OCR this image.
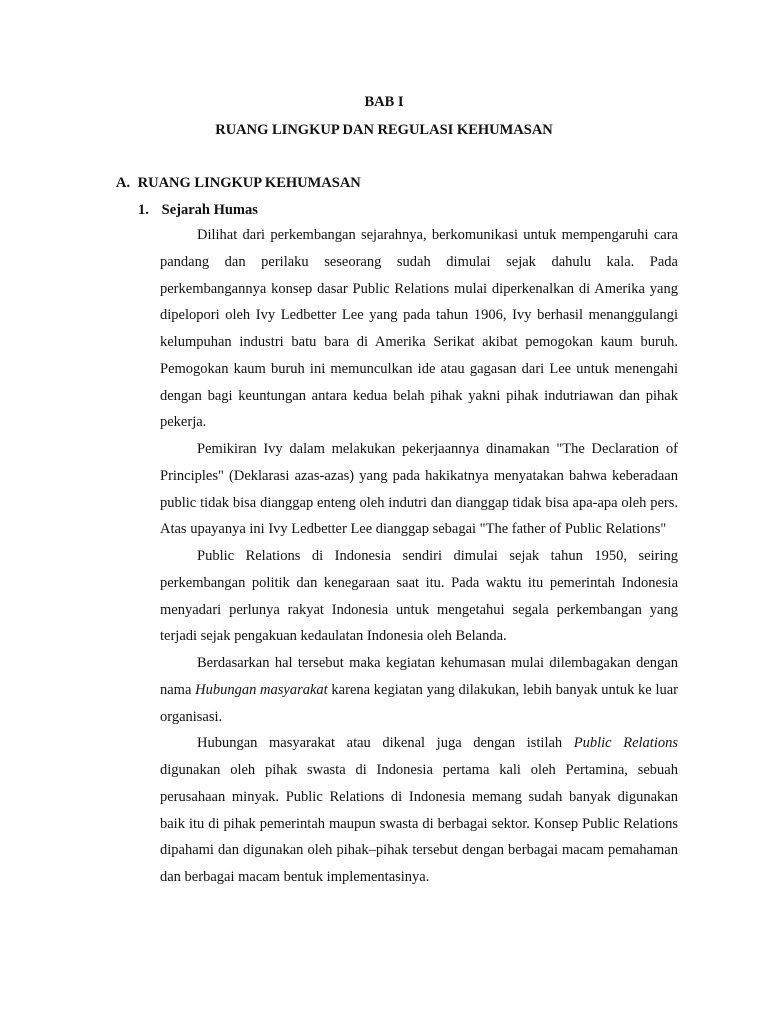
BAB I
RUANG LINGKUP DAN REGULASI KEHUMASAN
A. RUANG LINGKUP KEHUMASAN
1. Sejarah Humas

Dilihat dari perkembangan sejarahnya, berkomunikasi untuk mempengaruhi cara pandang dan perilaku seseorang sudah dimulai sejak dahulu kala. Pada perkembangannya konsep dasar Public Relations mulai diperkenalkan di Amerika yang dipelopori oleh Ivy Ledbetter Lee yang pada tahun 1906, Ivy berhasil menanggulangi kelumpuhan industri batu bara di Amerika Serikat akibat pemogokan kaum buruh. Pemogokan kaum buruh ini memunculkan ide atau gagasan dari Lee untuk menengahi dengan bagi keuntungan antara kedua belah pihak yakni pihak indutriawan dan pihak pekerja.

Pemikiran Ivy dalam melakukan pekerjaannya dinamakan "The Declaration of Principles" (Deklarasi azas-azas) yang pada hakikatnya menyatakan bahwa keberadaan public tidak bisa dianggap enteng oleh indutri dan dianggap tidak bisa apa-apa oleh pers. Atas upayanya ini Ivy Ledbetter Lee dianggap sebagai "The father of Public Relations"

Public Relations di Indonesia sendiri dimulai sejak tahun 1950, seiring perkembangan politik dan kenegaraan saat itu. Pada waktu itu pemerintah Indonesia menyadari perlunya rakyat Indonesia untuk mengetahui segala perkembangan yang terjadi sejak pengakuan kedaulatan Indonesia oleh Belanda.

Berdasarkan hal tersebut maka kegiatan kehumasan mulai dilembagakan dengan nama Hubungan masyarakat karena kegiatan yang dilakukan, lebih banyak untuk ke luar organisasi.

Hubungan masyarakat atau dikenal juga dengan istilah Public Relations digunakan oleh pihak swasta di Indonesia pertama kali oleh Pertamina, sebuah perusahaan minyak. Public Relations di Indonesia memang sudah banyak digunakan baik itu di pihak pemerintah maupun swasta di berbagai sektor. Konsep Public Relations dipahami dan digunakan oleh pihak–pihak tersebut dengan berbagai macam pemahaman dan berbagai macam bentuk implementasinya.
